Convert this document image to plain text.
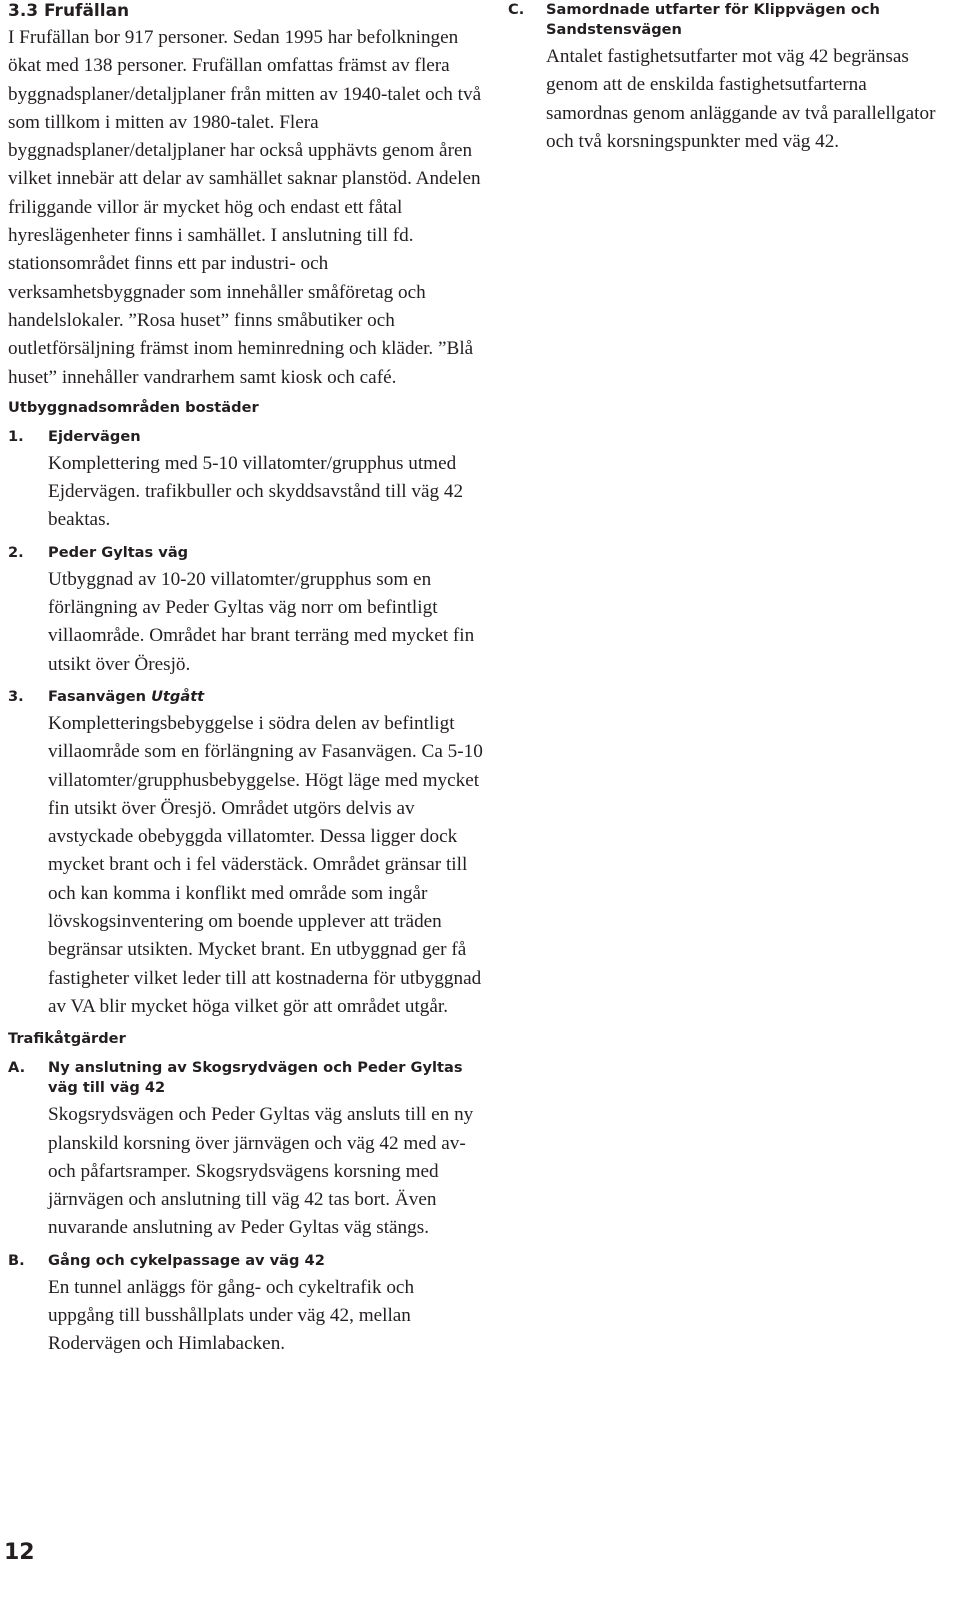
3.3 Frufällan

I Frufällan bor 917 personer. Sedan 1995 har befolkningen ökat med 138 personer. Frufällan omfattas främst av flera byggnadsplaner/detaljplaner från mitten av 1940-talet och två som tillkom i mitten av 1980-talet. Flera byggnadsplaner/detaljplaner har också upphävts genom åren vilket innebär att delar av samhället saknar planstöd. Andelen friliggande villor är mycket hög och endast ett fåtal hyreslägenheter finns i samhället. I anslutning till fd. stationsområdet finns ett par industri- och verksamhetsbyggnader som innehåller småföretag och handelslokaler. ”Rosa huset” finns småbutiker och outletförsäljning främst inom heminredning och kläder. ”Blå huset” innehåller vandrarhem samt kiosk och café.

Utbyggnadsområden bostäder
1. Ejdervägen

Komplettering med 5-10 villatomter/grupphus utmed Ejdervägen. trafikbuller och skyddsavstånd till väg 42 beaktas.

2. Peder Gyltas väg

Utbyggnad av 10-20 villatomter/grupphus som en förlängning av Peder Gyltas väg norr om befintligt villaområde. Området har brant terräng med mycket fin utsikt över Öresjö.

3. Fasanvägen Utgått

Kompletteringsbebyggelse i södra delen av befintligt villaområde som en förlängning av Fasanvägen. Ca 5-10 villatomter/grupphusbebyggelse. Högt läge med mycket fin utsikt över Öresjö. Området utgörs delvis av avstyckade obebyggda villatomter. Dessa ligger dock mycket brant och i fel väderstäck. Området gränsar till och kan komma i konflikt med område som ingår lövskogsinventering om boende upplever att träden begränsar utsikten. Mycket brant. En utbyggnad ger få fastigheter vilket leder till att kostnaderna för utbyggnad av VA blir mycket höga vilket gör att området utgår.

Trafikåtgärder
A. Ny anslutning av Skogsrydvägen och Peder Gyltas väg till väg 42

Skogsrydsvägen och Peder Gyltas väg ansluts till en ny planskild korsning över järnvägen och väg 42 med av- och påfartsramper. Skogsrydsvägens korsning med järnvägen och anslutning till väg 42 tas bort. Även nuvarande anslutning av Peder Gyltas väg stängs.

B. Gång och cykelpassage av väg 42

En tunnel anläggs för gång- och cykeltrafik och uppgång till busshållplats under väg 42, mellan Rodervägen och Himlabacken.

C. Samordnade utfarter för Klippvägen och Sandstensvägen

Antalet fastighetsutfarter mot väg 42 begränsas genom att de enskilda fastighetsutfarterna samordnas genom anläggande av två parallellgator och två korsningspunkter med väg 42.

12
